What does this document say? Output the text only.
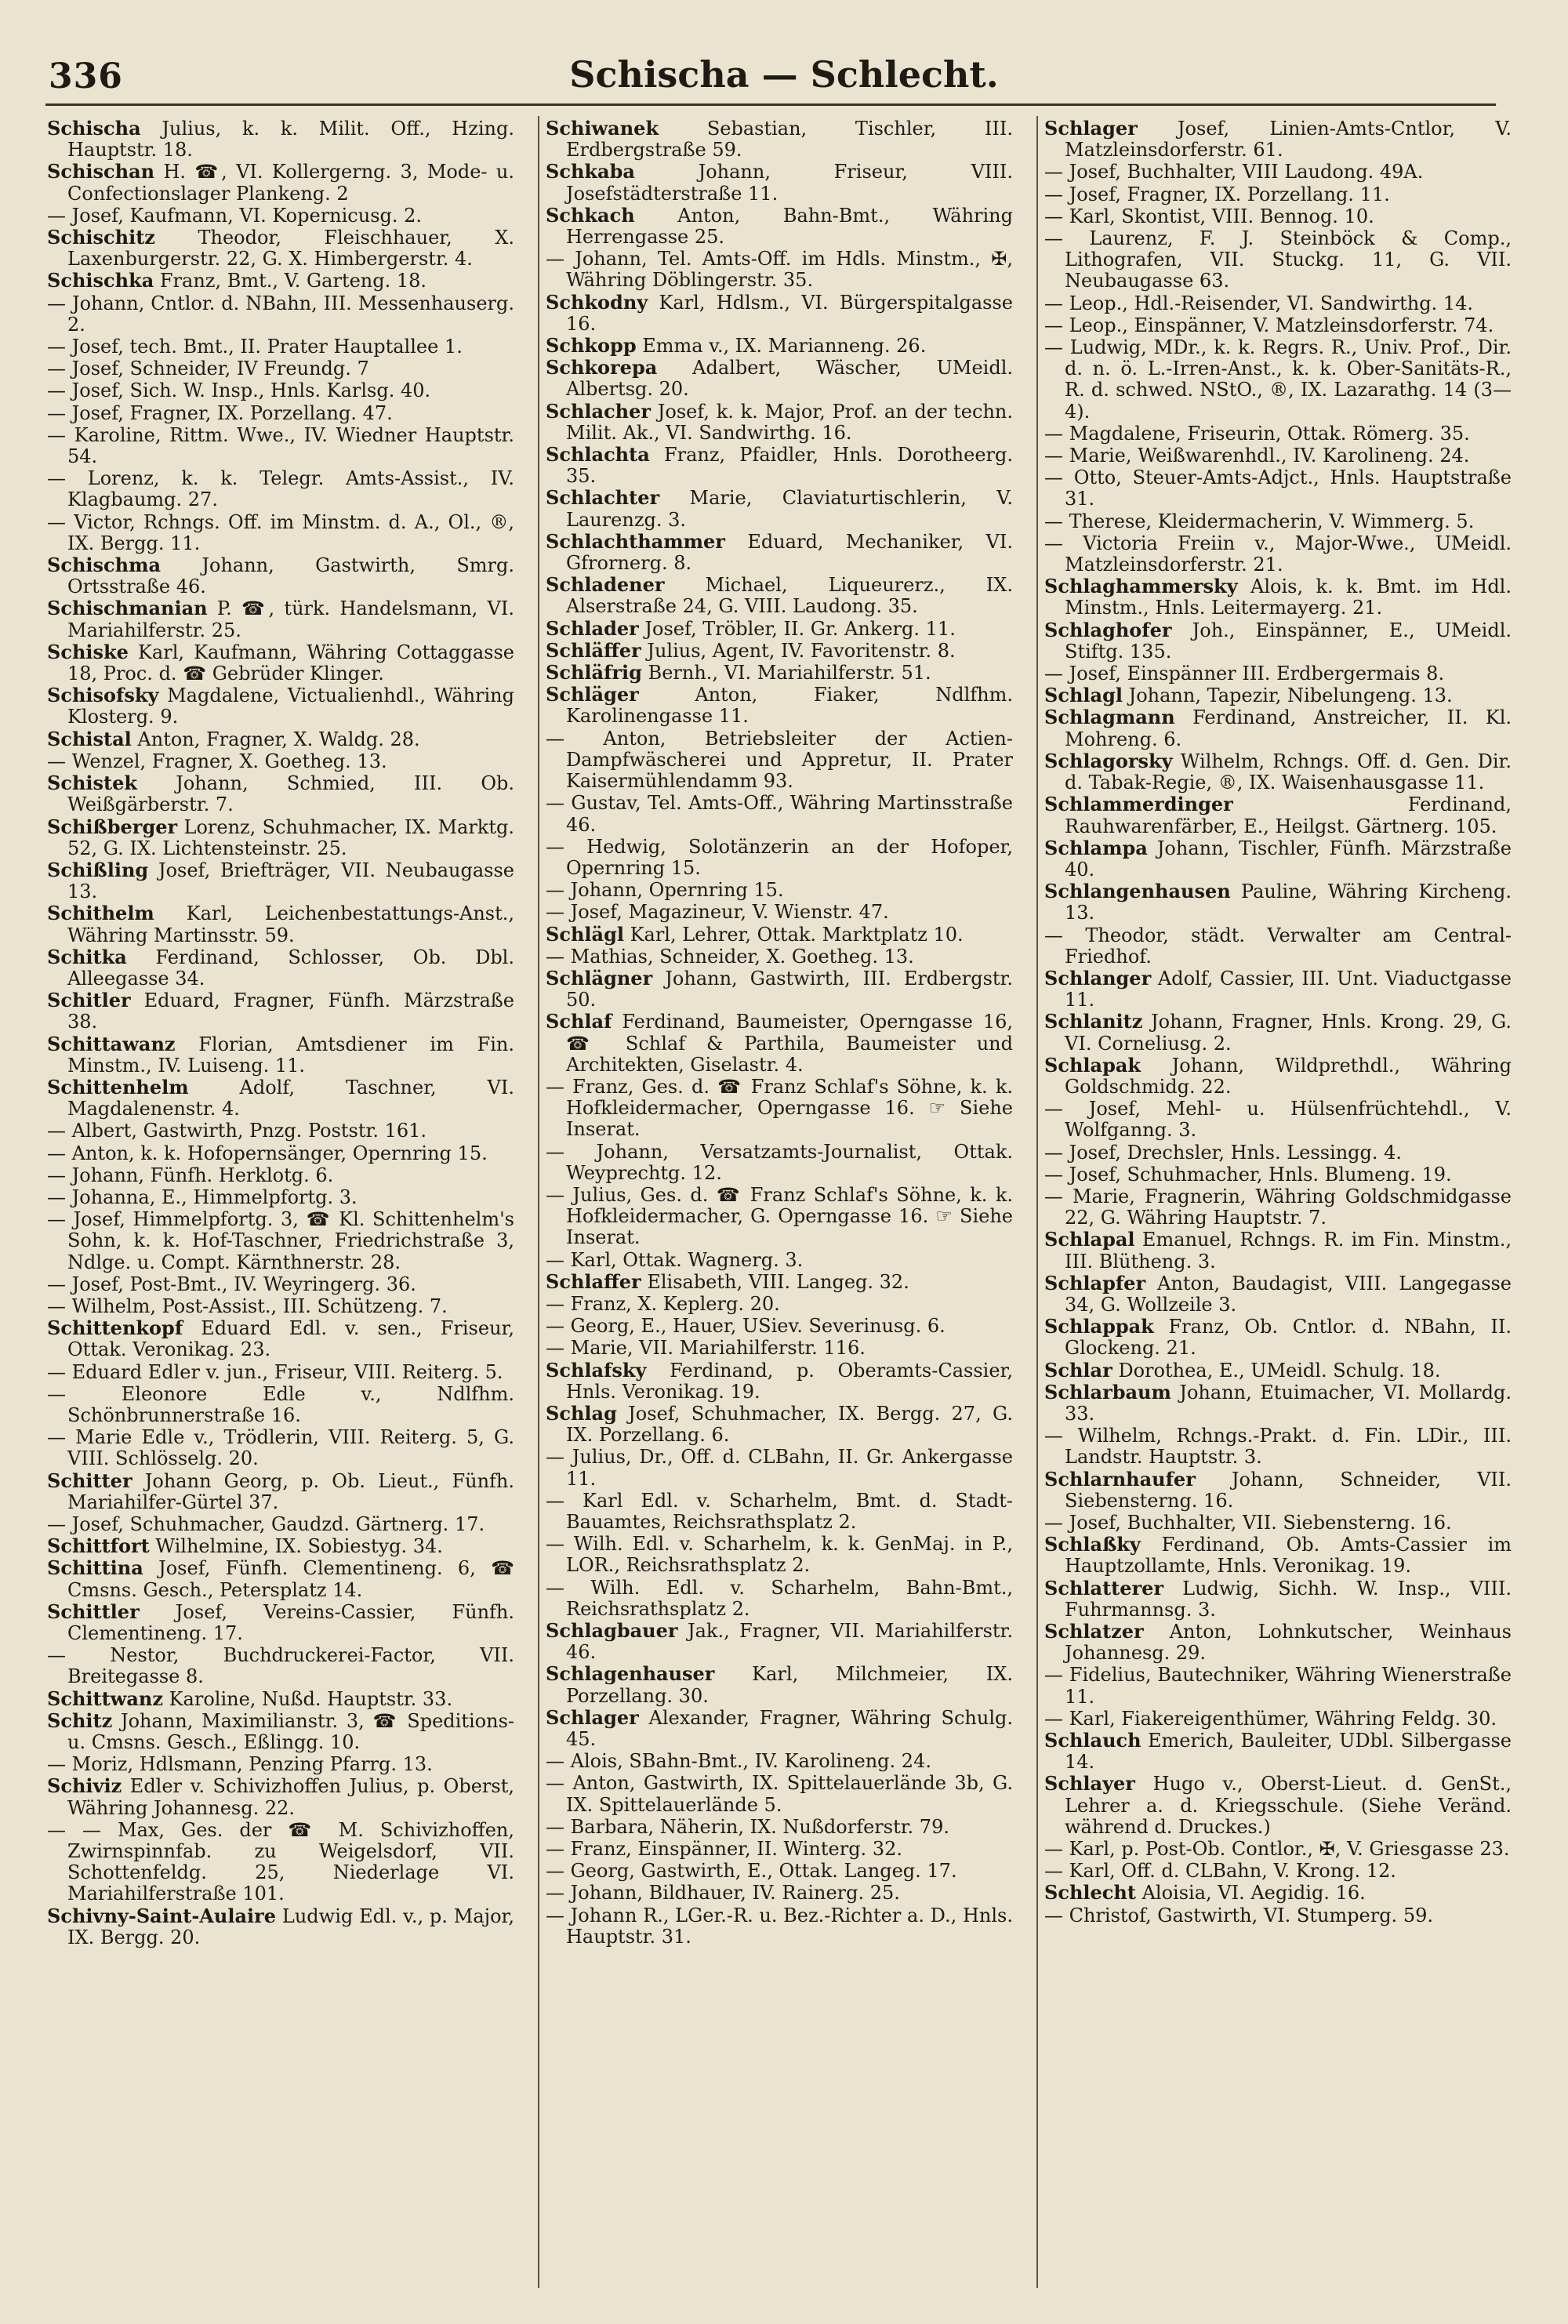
336	Schischa — Schlecht.
Schischa Julius, k. k. Milit. Off., Hzing. Hauptstr. 18.
Schischan H. ☎, VI. Kollergerng. 3, Mode- u. Confectionslager Plankeng. 2
— Josef, Kaufmann, VI. Kopernicusg. 2.
Schischitz Theodor, Fleischhauer, X. Laxenburgerstr. 22, G. X. Himbergerstr. 4.
Schischka Franz, Bmt., V. Garteng. 18.
— Johann, Cntlor. d. NBahn, III. Messenhauserg. 2.
— Josef, tech. Bmt., II. Prater Hauptallee 1.
— Josef, Schneider, IV Freundg. 7
— Josef, Sich. W. Insp., Hnls. Karlsg. 40.
— Josef, Fragner, IX. Porzellang. 47.
— Karoline, Rittm. Wwe., IV. Wiedner Hauptstr. 54.
— Lorenz, k. k. Telegr. Amts-Assist., IV. Klagbaumg. 27.
— Victor, Rchngs. Off. im Minstm. d. A., Ol., ®, IX. Bergg. 11.
Schischma Johann, Gastwirth, Smrg. Ortsstraße 46.
Schischmanian P. ☎, türk. Handelsmann, VI. Mariahilferstr. 25.
Schiske Karl, Kaufmann, Währing Cottaggasse 18, Proc. d. ☎ Gebrüder Klinger.
Schisofsky Magdalene, Victualienhdl., Währing Klosterg. 9.
Schistal Anton, Fragner, X. Waldg. 28.
— Wenzel, Fragner, X. Goetheg. 13.
Schistek Johann, Schmied, III. Ob. Weißgärberstr. 7.
Schißberger Lorenz, Schuhmacher, IX. Marktg. 52, G. IX. Lichtensteinstr. 25.
Schißling Josef, Briefträger, VII. Neubaugasse 13.
Schithelm Karl, Leichenbestattungs-Anst., Währing Martinsstr. 59.
Schitka Ferdinand, Schlosser, Ob. Dbl. Alleegasse 34.
Schitler Eduard, Fragner, Fünfh. Märzstraße 38.
Schittawanz Florian, Amtsdiener im Fin. Minstm., IV. Luiseng. 11.
Schittenhelm Adolf, Taschner, VI. Magdalenenstr. 4.
— Albert, Gastwirth, Pnzg. Poststr. 161.
— Anton, k. k. Hofopernsänger, Opernring 15.
— Johann, Fünfh. Herklotg. 6.
— Johanna, E., Himmelpfortg. 3.
— Josef, Himmelpfortg. 3, ☎ Kl. Schittenhelm's Sohn, k. k. Hof-Taschner, Friedrichstraße 3, Ndlge. u. Compt. Kärnthnerstr. 28.
— Josef, Post-Bmt., IV. Weyringerg. 36.
— Wilhelm, Post-Assist., III. Schützeng. 7.
Schittenkopf Eduard Edl. v. sen., Friseur, Ottak. Veronikag. 23.
— Eduard Edler v. jun., Friseur, VIII. Reiterg. 5.
— Eleonore Edle v., Ndlfhm. Schönbrunnerstraße 16.
— Marie Edle v., Trödlerin, VIII. Reiterg. 5, G. VIII. Schlösselg. 20.
Schitter Johann Georg, p. Ob. Lieut., Fünfh. Mariahilfer-Gürtel 37.
— Josef, Schuhmacher, Gaudzd. Gärtnerg. 17.
Schittfort Wilhelmine, IX. Sobiestyg. 34.
Schittina Josef, Fünfh. Clementineng. 6, ☎ Cmsns. Gesch., Petersplatz 14.
Schittler Josef, Vereins-Cassier, Fünfh. Clementineng. 17.
— Nestor, Buchdruckerei-Factor, VII. Breitegasse 8.
Schittwanz Karoline, Nußd. Hauptstr. 33.
Schitz Johann, Maximilianstr. 3, ☎ Speditions- u. Cmsns. Gesch., Eßlingg. 10.
— Moriz, Hdlsmann, Penzing Pfarrg. 13.
Schiviz Edler v. Schivizhoffen Julius, p. Oberst, Währing Johannesg. 22.
— — Max, Ges. der ☎ M. Schivizhoffen, Zwirnspinnfab. zu Weigelsdorf, VII. Schottenfeldg. 25, Niederlage VI. Mariahilferstraße 101.
Schivny-Saint-Aulaire Ludwig Edl. v., p. Major, IX. Bergg. 20.
Schiwanek Sebastian, Tischler, III. Erdbergstraße 59.
Schkaba Johann, Friseur, VIII. Josefstädterstraße 11.
Schkach Anton, Bahn-Bmt., Währing Herrengasse 25.
— Johann, Tel. Amts-Off. im Hdls. Minstm., ✠, Währing Döblingerstr. 35.
Schkodny Karl, Hdlsm., VI. Bürgerspitalgasse 16.
Schkopp Emma v., IX. Marianneng. 26.
Schkorepa Adalbert, Wäscher, UMeidl. Albertsg. 20.
Schlacher Josef, k. k. Major, Prof. an der techn. Milit. Ak., VI. Sandwirthg. 16.
Schlachta Franz, Pfaidler, Hnls. Dorotheerg. 35.
Schlachter Marie, Claviaturtischlerin, V. Laurenzg. 3.
Schlachthammer Eduard, Mechaniker, VI. Gfrornerg. 8.
Schladener Michael, Liqueurerz., IX. Alserstraße 24, G. VIII. Laudong. 35.
Schlader Josef, Tröbler, II. Gr. Ankerg. 11.
Schläffer Julius, Agent, IV. Favoritenstr. 8.
Schläfrig Bernh., VI. Mariahilferstr. 51.
Schläger Anton, Fiaker, Ndlfhm. Karolinengasse 11.
— Anton, Betriebsleiter der Actien-Dampfwäscherei und Appretur, II. Prater Kaisermühlendamm 93.
— Gustav, Tel. Amts-Off., Währing Martinsstraße 46.
— Hedwig, Solotänzerin an der Hofoper, Opernring 15.
— Johann, Opernring 15.
— Josef, Magazineur, V. Wienstr. 47.
Schlägl Karl, Lehrer, Ottak. Marktplatz 10.
— Mathias, Schneider, X. Goetheg. 13.
Schlägner Johann, Gastwirth, III. Erdbergstr. 50.
Schlaf Ferdinand, Baumeister, Operngasse 16, ☎ Schlaf & Parthila, Baumeister und Architekten, Giselastr. 4.
— Franz, Ges. d. ☎ Franz Schlaf's Söhne, k. k. Hofkleidermacher, Operngasse 16. ☞ Siehe Inserat.
— Johann, Versatzamts-Journalist, Ottak. Weyprechtg. 12.
— Julius, Ges. d. ☎ Franz Schlaf's Söhne, k. k. Hofkleidermacher, G. Operngasse 16. ☞ Siehe Inserat.
— Karl, Ottak. Wagnerg. 3.
Schlaffer Elisabeth, VIII. Langeg. 32.
— Franz, X. Keplerg. 20.
— Georg, E., Hauer, USiev. Severinusg. 6.
— Marie, VII. Mariahilferstr. 116.
Schlafsky Ferdinand, p. Oberamts-Cassier, Hnls. Veronikag. 19.
Schlag Josef, Schuhmacher, IX. Bergg. 27, G. IX. Porzellang. 6.
— Julius, Dr., Off. d. CLBahn, II. Gr. Ankergasse 11.
— Karl Edl. v. Scharhelm, Bmt. d. Stadt-Bauamtes, Reichsrathsplatz 2.
— Wilh. Edl. v. Scharhelm, k. k. GenMaj. in P., LOR., Reichsrathsplatz 2.
— Wilh. Edl. v. Scharhelm, Bahn-Bmt., Reichsrathsplatz 2.
Schlagbauer Jak., Fragner, VII. Mariahilferstr. 46.
Schlagenhauser Karl, Milchmeier, IX. Porzellang. 30.
Schlager Alexander, Fragner, Währing Schulg. 45.
— Alois, SBahn-Bmt., IV. Karolineng. 24.
— Anton, Gastwirth, IX. Spittelauerlände 3b, G. IX. Spittelauerlände 5.
— Barbara, Näherin, IX. Nußdorferstr. 79.
— Franz, Einspänner, II. Winterg. 32.
— Georg, Gastwirth, E., Ottak. Langeg. 17.
— Johann, Bildhauer, IV. Rainerg. 25.
— Johann R., LGer.-R. u. Bez.-Richter a. D., Hnls. Hauptstr. 31.
Schlager Josef, Linien-Amts-Cntlor, V. Matzleinsdorferstr. 61.
— Josef, Buchhalter, VIII Laudong. 49A.
— Josef, Fragner, IX. Porzellang. 11.
— Karl, Skontist, VIII. Bennog. 10.
— Laurenz, F. J. Steinböck & Comp., Lithografen, VII. Stuckg. 11, G. VII. Neubaugasse 63.
— Leop., Hdl.-Reisender, VI. Sandwirthg. 14.
— Leop., Einspänner, V. Matzleinsdorferstr. 74.
— Ludwig, MDr., k. k. Regrs. R., Univ. Prof., Dir. d. n. ö. L.-Irren-Anst., k. k. Ober-Sanitäts-R., R. d. schwed. NStO., ®, IX. Lazarathg. 14 (3—4).
— Magdalene, Friseurin, Ottak. Römerg. 35.
— Marie, Weißwarenhdl., IV. Karolineng. 24.
— Otto, Steuer-Amts-Adjct., Hnls. Hauptstraße 31.
— Therese, Kleidermacherin, V. Wimmerg. 5.
— Victoria Freiin v., Major-Wwe., UMeidl. Matzleinsdorferstr. 21.
Schlaghammersky Alois, k. k. Bmt. im Hdl. Minstm., Hnls. Leitermayerg. 21.
Schlaghofer Joh., Einspänner, E., UMeidl. Stiftg. 135.
— Josef, Einspänner III. Erdbergermais 8.
Schlagl Johann, Tapezir, Nibelungeng. 13.
Schlagmann Ferdinand, Anstreicher, II. Kl. Mohreng. 6.
Schlagorsky Wilhelm, Rchngs. Off. d. Gen. Dir. d. Tabak-Regie, ®, IX. Waisenhausgasse 11.
Schlammerdinger Ferdinand, Rauhwarenfärber, E., Heilgst. Gärtnerg. 105.
Schlampa Johann, Tischler, Fünfh. Märzstraße 40.
Schlangenhausen Pauline, Währing Kircheng. 13.
— Theodor, städt. Verwalter am Central-Friedhof.
Schlanger Adolf, Cassier, III. Unt. Viaductgasse 11.
Schlanitz Johann, Fragner, Hnls. Krong. 29, G. VI. Corneliusg. 2.
Schlapak Johann, Wildprethdl., Währing Goldschmidg. 22.
— Josef, Mehl- u. Hülsenfrüchtehdl., V. Wolfganng. 3.
— Josef, Drechsler, Hnls. Lessingg. 4.
— Josef, Schuhmacher, Hnls. Blumeng. 19.
— Marie, Fragnerin, Währing Goldschmidgasse 22, G. Währing Hauptstr. 7.
Schlapal Emanuel, Rchngs. R. im Fin. Minstm., III. Blütheng. 3.
Schlapfer Anton, Baudagist, VIII. Langegasse 34, G. Wollzeile 3.
Schlappak Franz, Ob. Cntlor. d. NBahn, II. Glockeng. 21.
Schlar Dorothea, E., UMeidl. Schulg. 18.
Schlarbaum Johann, Etuimacher, VI. Mollardg. 33.
— Wilhelm, Rchngs.-Prakt. d. Fin. LDir., III. Landstr. Hauptstr. 3.
Schlarnhaufer Johann, Schneider, VII. Siebensterng. 16.
— Josef, Buchhalter, VII. Siebensterng. 16.
Schlaßky Ferdinand, Ob. Amts-Cassier im Hauptzollamte, Hnls. Veronikag. 19.
Schlatterer Ludwig, Sichh. W. Insp., VIII. Fuhrmannsg. 3.
Schlatzer Anton, Lohnkutscher, Weinhaus Johannesg. 29.
— Fidelius, Bautechniker, Währing Wienerstraße 11.
— Karl, Fiakereigenthümer, Währing Feldg. 30.
Schlauch Emerich, Bauleiter, UDbl. Silbergasse 14.
Schlayer Hugo v., Oberst-Lieut. d. GenSt., Lehrer a. d. Kriegsschule. (Siehe Veränd. während d. Druckes.)
— Karl, p. Post-Ob. Contlor., ✠, V. Griesgasse 23.
— Karl, Off. d. CLBahn, V. Krong. 12.
Schlecht Aloisia, VI. Aegidig. 16.
— Christof, Gastwirth, VI. Stumperg. 59.
